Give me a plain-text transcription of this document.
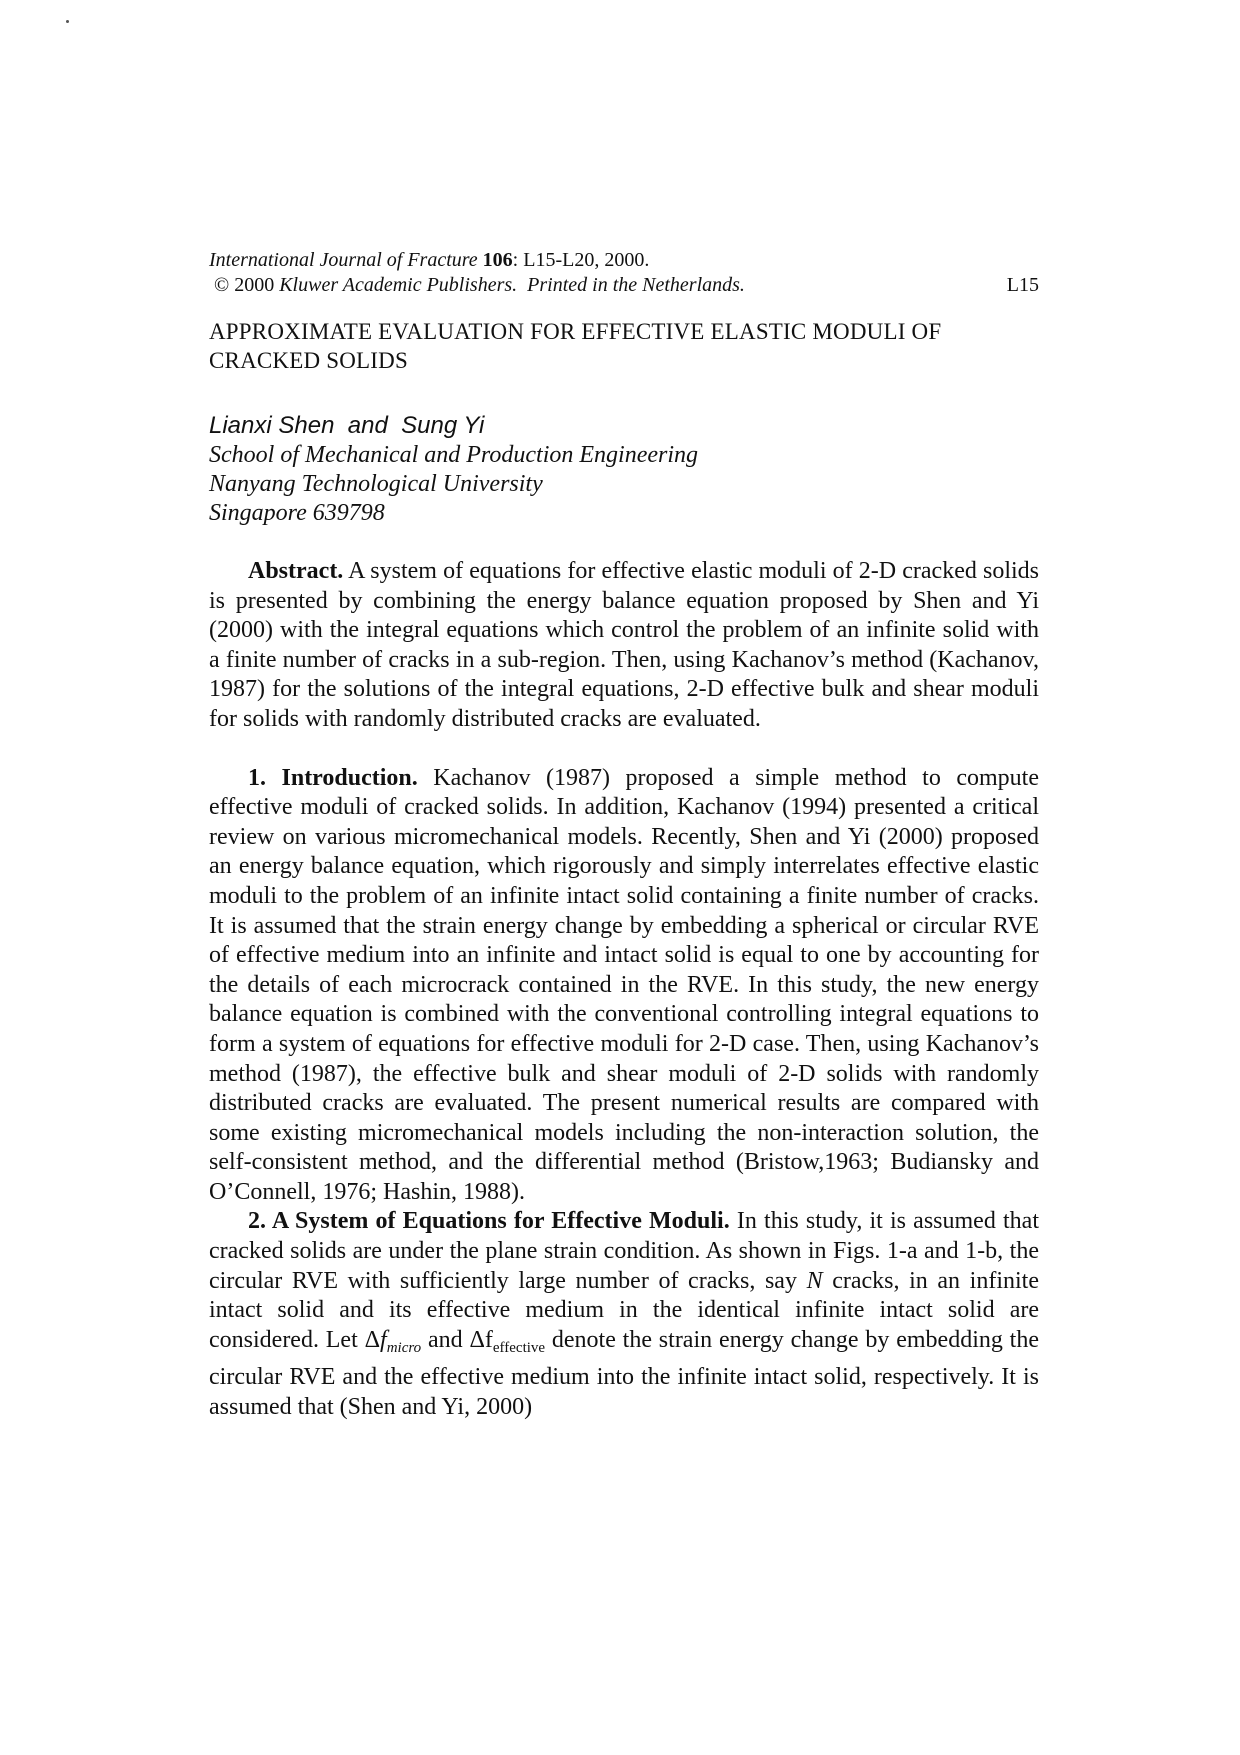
International Journal of Fracture 106: L15-L20, 2000.
© 2000 Kluwer Academic Publishers. Printed in the Netherlands.	L15
APPROXIMATE EVALUATION FOR EFFECTIVE ELASTIC MODULI OF
CRACKED SOLIDS
Lianxi Shen  and  Sung Yi
School of Mechanical and Production Engineering
Nanyang Technological University
Singapore 639798

Abstract. A system of equations for effective elastic moduli of 2-D cracked solids is presented by combining the energy balance equation proposed by Shen and Yi (2000) with the integral equations which control the problem of an infinite solid with a finite number of cracks in a sub-region. Then, using Kachanov’s method (Kachanov, 1987) for the solutions of the integral equations, 2-D effective bulk and shear moduli for solids with randomly distributed cracks are evaluated.

1. Introduction. Kachanov (1987) proposed a simple method to compute effective moduli of cracked solids. In addition, Kachanov (1994) presented a critical review on various micromechanical models. Recently, Shen and Yi (2000) proposed an energy balance equation, which rigorously and simply interrelates effective elastic moduli to the problem of an infinite intact solid containing a finite number of cracks. It is assumed that the strain energy change by embedding a spherical or circular RVE of effective medium into an infinite and intact solid is equal to one by accounting for the details of each microcrack contained in the RVE. In this study, the new energy balance equation is combined with the conventional controlling integral equations to form a system of equations for effective moduli for 2-D case. Then, using Kachanov’s method (1987), the effective bulk and shear moduli of 2-D solids with randomly distributed cracks are evaluated. The present numerical results are compared with some existing micromechanical models including the non-interaction solution, the self-consistent method, and the differential method (Bristow,1963; Budiansky and O’Connell, 1976; Hashin, 1988).

2. A System of Equations for Effective Moduli. In this study, it is assumed that cracked solids are under the plane strain condition. As shown in Figs. 1-a and 1-b, the circular RVE with sufficiently large number of cracks, say N cracks, in an infinite intact solid and its effective medium in the identical infinite intact solid are considered. Let $\Delta f_{micro}$ and $\Delta f_{effective}$ denote the strain energy change by embedding the circular RVE and the effective medium into the infinite intact solid, respectively. It is assumed that (Shen and Yi, 2000)
